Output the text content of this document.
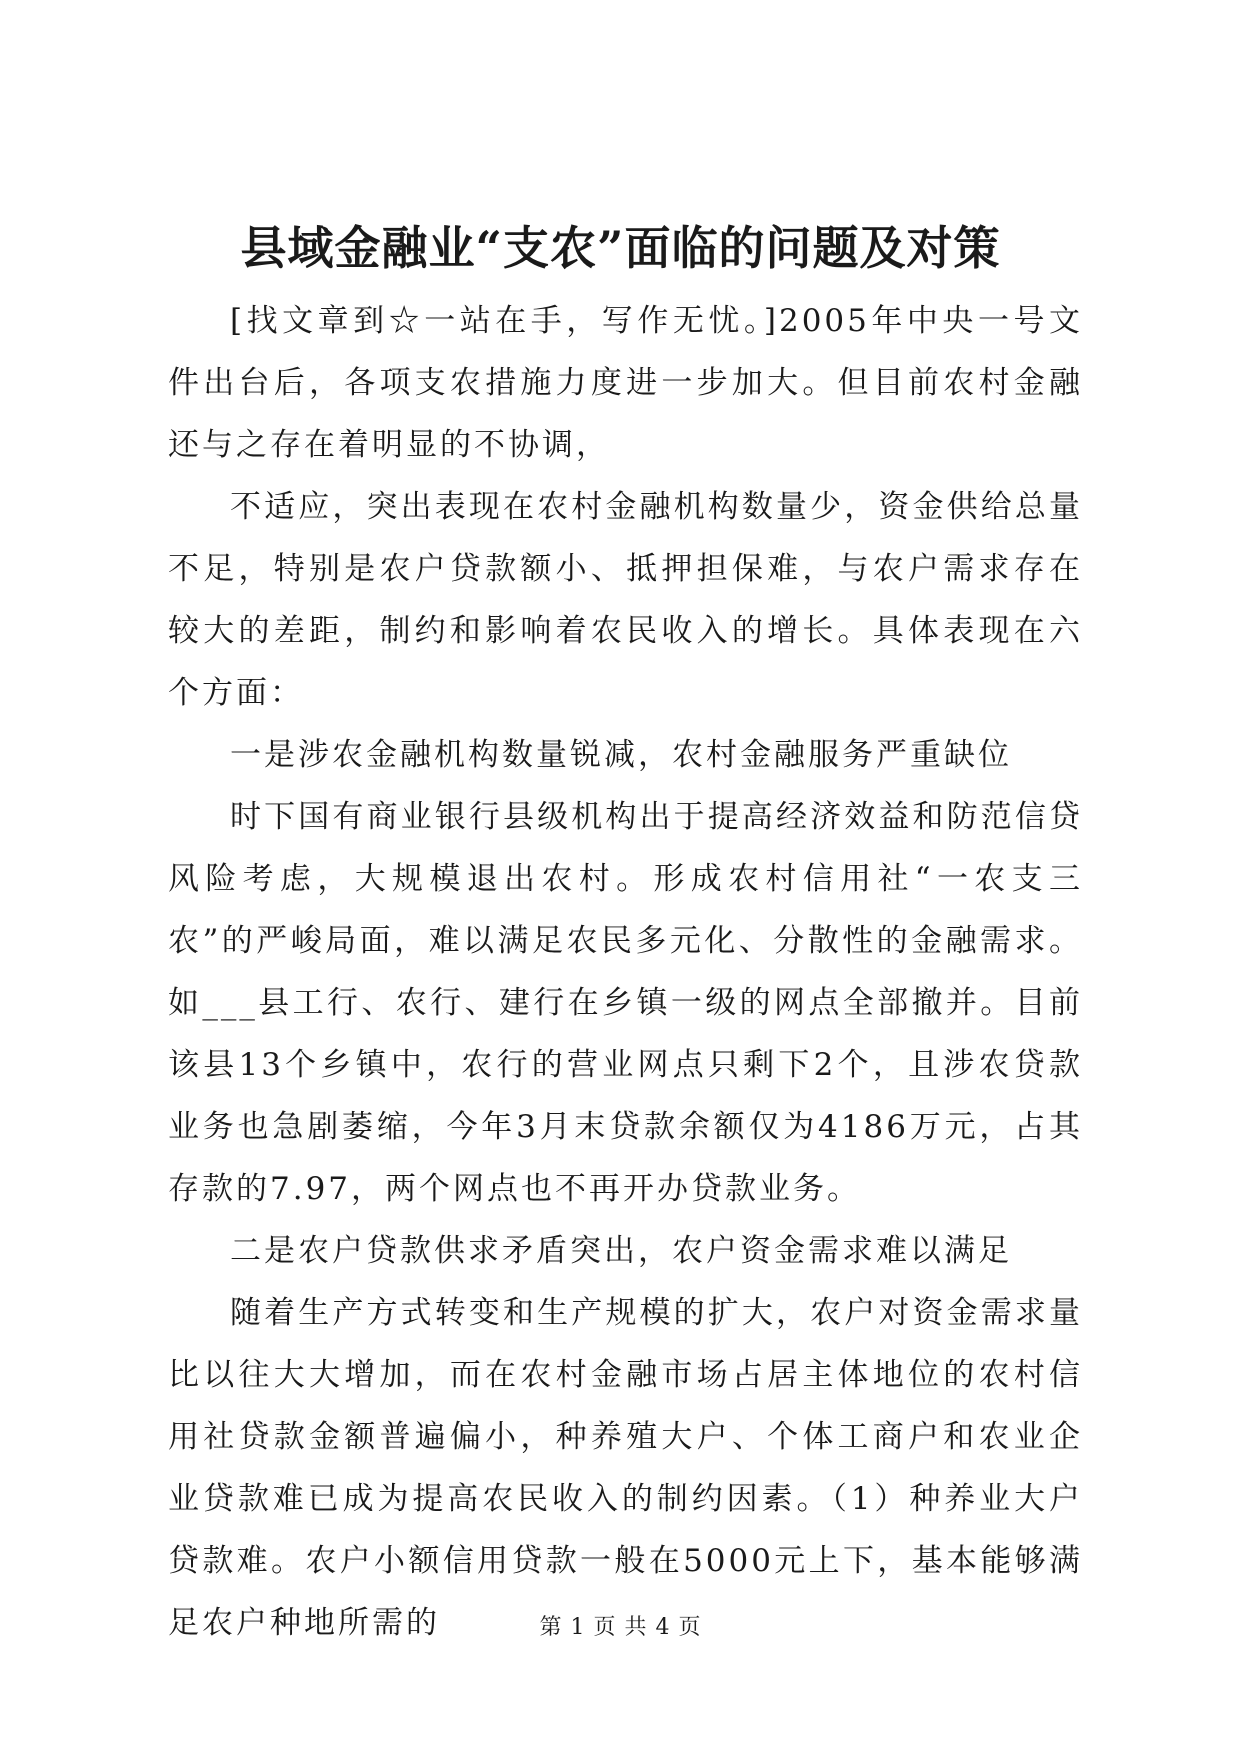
县域金融业“支农”面临的问题及对策

[找文章到☆一站在手，写作无忧。]2005年中央一号文件出台后，各项支农措施力度进一步加大。但目前农村金融还与之存在着明显的不协调，

不适应，突出表现在农村金融机构数量少，资金供给总量不足，特别是农户贷款额小、抵押担保难，与农户需求存在较大的差距，制约和影响着农民收入的增长。具体表现在六个方面：

一是涉农金融机构数量锐减，农村金融服务严重缺位

时下国有商业银行县级机构出于提高经济效益和防范信贷风险考虑，大规模退出农村。形成农村信用社“一农支三农”的严峻局面，难以满足农民多元化、分散性的金融需求。如___县工行、农行、建行在乡镇一级的网点全部撤并。目前该县13个乡镇中，农行的营业网点只剩下2个，且涉农贷款业务也急剧萎缩，今年3月末贷款余额仅为4186万元，占其存款的7.97，两个网点也不再开办贷款业务。

二是农户贷款供求矛盾突出，农户资金需求难以满足

随着生产方式转变和生产规模的扩大，农户对资金需求量比以往大大增加，而在农村金融市场占居主体地位的农村信用社贷款金额普遍偏小，种养殖大户、个体工商户和农业企业贷款难已成为提高农民收入的制约因素。（1）种养业大户贷款难。农户小额信用贷款一般在5000元上下，基本能够满足农户种地所需的	第 1 页 共 4 页
